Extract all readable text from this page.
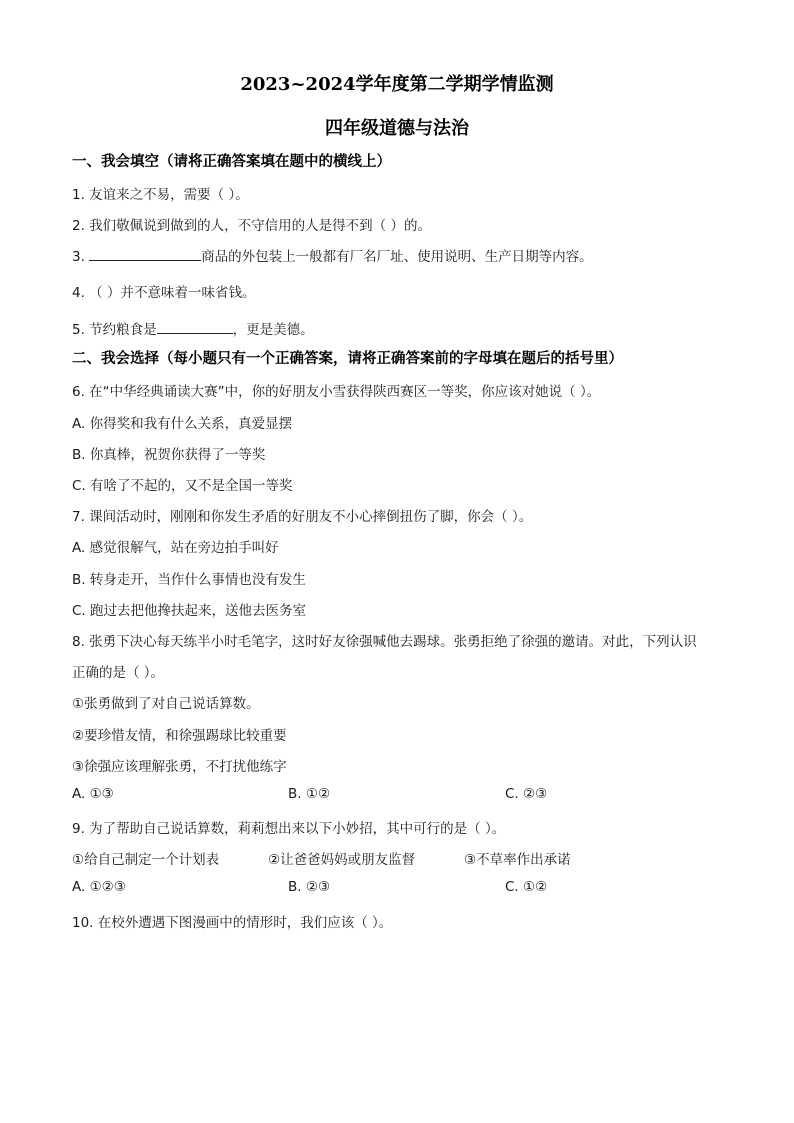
2023~2024学年度第二学期学情监测
四年级道德与法治
一、我会填空（请将正确答案填在题中的横线上）
1. 友谊来之不易，需要（ ）。
2. 我们敬佩说到做到的人，不守信用的人是得不到（ ）的。
3.	商品的外包装上一般都有厂名厂址、使用说明、生产日期等内容。
4. （ ）并不意味着一味省钱。
5. 节约粮食是	，更是美德。
二、我会选择（每小题只有一个正确答案，请将正确答案前的字母填在题后的括号里）
6. 在“中华经典诵读大赛”中，你的好朋友小雪获得陕西赛区一等奖，你应该对她说（ ）。
A. 你得奖和我有什么关系，真爱显摆
B. 你真棒，祝贺你获得了一等奖
C. 有啥了不起的，又不是全国一等奖
7. 课间活动时，刚刚和你发生矛盾的好朋友不小心摔倒扭伤了脚，你会（ ）。
A. 感觉很解气，站在旁边拍手叫好
B. 转身走开，当作什么事情也没有发生
C. 跑过去把他搀扶起来，送他去医务室
8. 张勇下决心每天练半小时毛笔字，这时好友徐强喊他去踢球。张勇拒绝了徐强的邀请。对此，下列认识
正确的是（ ）。
①张勇做到了对自己说话算数。
②要珍惜友情，和徐强踢球比较重要
③徐强应该理解张勇，不打扰他练字
A. ①③	B. ①②	C. ②③
9. 为了帮助自己说话算数，莉莉想出来以下小妙招，其中可行的是（ ）。
①给自己制定一个计划表	②让爸爸妈妈或朋友监督	③不草率作出承诺
A. ①②③	B. ②③	C. ①②
10. 在校外遭遇下图漫画中的情形时，我们应该（ ）。
